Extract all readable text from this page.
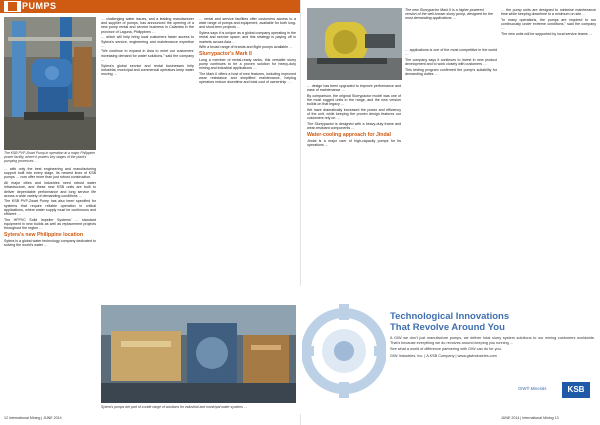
PUMPS
The KSB PVP-Zwart Pump in operation at a major Philippine power facility, where it powers key stages of the plant's pumping processes …

… with only the best engineering and manufacturing support built into every stage, its newest lines of KSB pumps … now offer more than just robust construction.

All major cities and industries need robust water infrastructure, and these new KSB units are built to deliver dependable performance and long service life across a wide variety of demanding conditions …

The KSB PVP-Zwart Pump has also been specified for systems that require reliable operation in critical applications, where water supply must be continuous and efficient …

The HFPVC Solid Impeller Systems' … standard equipment in new builds as well as replacement projects throughout the region …

Sytera's new Philippine location

Sytera is a global water technology company dedicated to solving the world's water …

… challenging water issues, and a leading manufacturer and supplier of pumps, has announced the opening of a new pump rental and service business in Calamba in the province of Laguna, Philippines …

… which will help bring local customers faster access to Sytera's service, engineering and maintenance expertise …

"We continue to expand in Asia to meet our customers' increasing demand for water solutions," said the company …

Sytera's global service and rental businesses help industrial, municipal and commercial operators keep water moving …

… rental and service facilities offer customers access to a wide range of pumps and equipment, available for both long- and short-term projects …

Sytera says it is unique as a global company operating in the rental and service space, and this strategy is paying off in markets across Asia …

With a broad range of brands and flight pumps available …

Slurrypactor's Mark II

Long a member of rental-ready ranks, this versatile slurry pump continues to be a proven solution for heavy-duty mining and industrial applications …

The Mark II offers a host of new features, including improved wear resistance and simplified maintenance, helping operators reduce downtime and total cost of ownership …

Sytera's pumps are part of a wide range of solutions for industrial and municipal water systems …
12 International Mining | JUNE 2014
The new Slurrypactor Mark II is a higher-powered version of the well-known slurry pump, designed for the most demanding applications …

… design has been upgraded to improve performance and ease of maintenance …

By comparison, the original Slurrypactor model was one of the most rugged units in the range, and the new version builds on that legacy …

We have dramatically increased the power and efficiency of the unit, while keeping the proven design features our customers rely on …

The Slurrypactor is designed with a heavy-duty frame and wear-resistant components …

Water-cooling approach for Jindal

Jindal is a major user of high-capacity pumps for its operations …

… applications is one of the most competitive in the world …

The company says it continues to invest in new product development and to work closely with customers …

This testing program confirmed the pump's suitability for demanding duties …

… the pump units are designed to minimise maintenance time while keeping downtime to a minimum on site …

"In many operations, the pumps are required to run continuously under extreme conditions," said the company …

The new units will be supported by local service teams …

JUNE 2014 | International Mining 13
Technological Innovations
That Revolve Around You

A GIW we don't just manufacture pumps, we deliver total slurry system solutions to our mining customers worldwide. That's because everything we do revolves around keeping you running …

See what a world of difference partnering with GIW can do for you.

GIW Industries, Inc. | A KSB Company | www.giwindustries.com

KSB
GIW® Minerals
